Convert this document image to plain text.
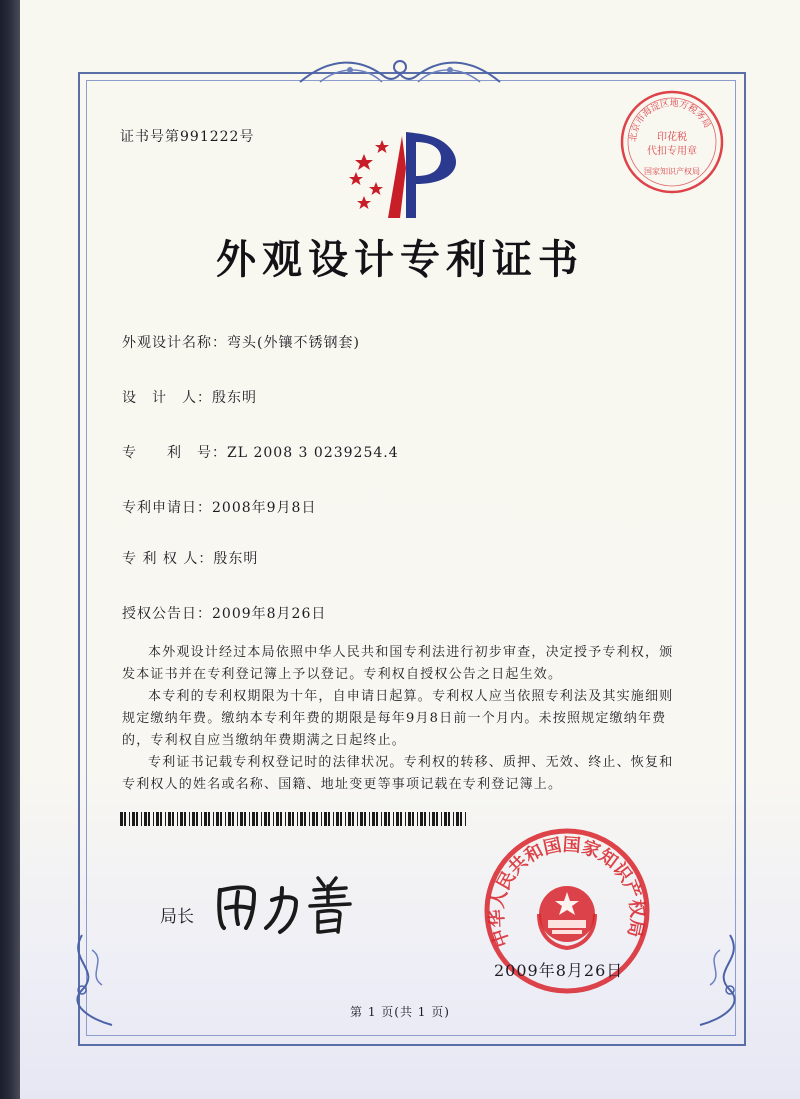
证书号第991222号	北京市海淀区地方税务局
印花税
代扣专用章
国家知识产权局
外观设计专利证书
外观设计名称：弯头(外镶不锈钢套)
设　计　人：殷东明
专　　利　号：ZL 2008 3 0239254.4
专利申请日：2008年9月8日
专 利 权 人：殷东明
授权公告日：2009年8月26日

本外观设计经过本局依照中华人民共和国专利法进行初步审查，决定授予专利权，颁发本证书并在专利登记簿上予以登记。专利权自授权公告之日起生效。

本专利的专利权期限为十年，自申请日起算。专利权人应当依照专利法及其实施细则规定缴纳年费。缴纳本专利年费的期限是每年9月8日前一个月内。未按照规定缴纳年费的，专利权自应当缴纳年费期满之日起终止。

专利证书记载专利权登记时的法律状况。专利权的转移、质押、无效、终止、恢复和专利权人的姓名或名称、国籍、地址变更等事项记载在专利登记簿上。

局长
中华人民共和国国家知识产权局
2009年8月26日
第 1 页(共 1 页)
